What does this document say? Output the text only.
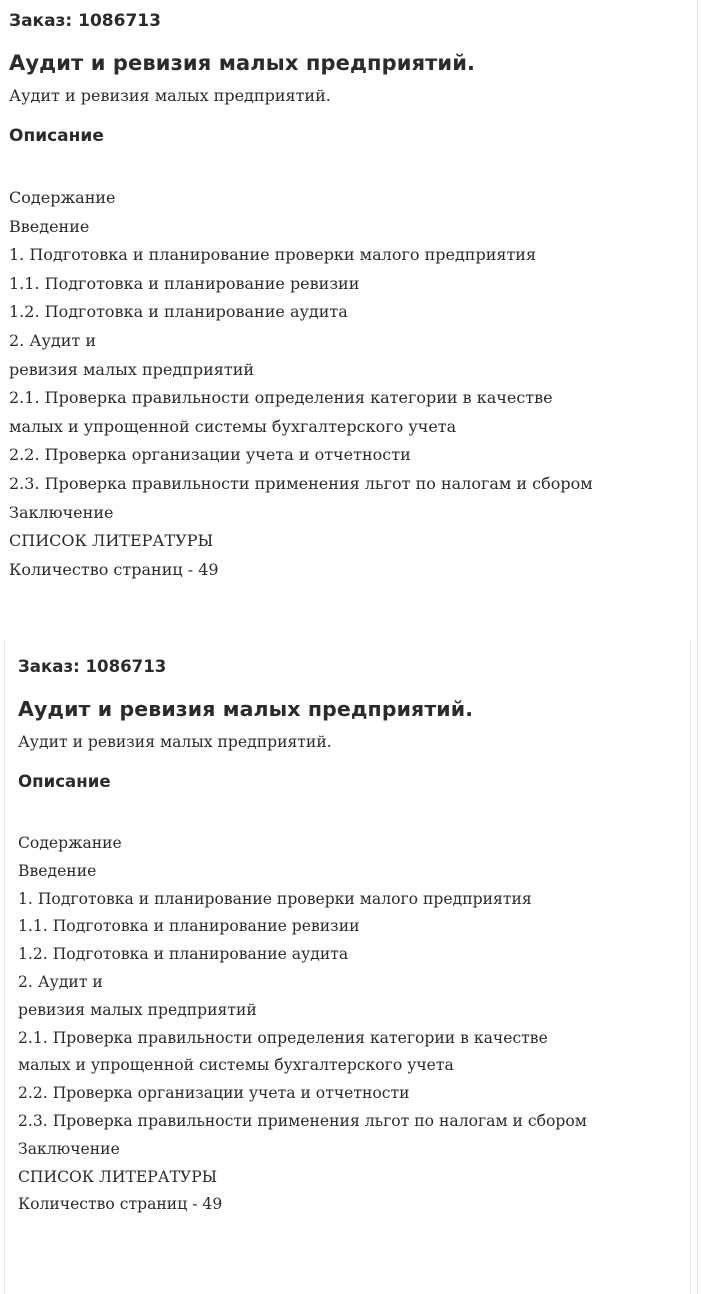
Заказ: 1086713
Аудит и ревизия малых предприятий.
Аудит и ревизия малых предприятий.
Описание
Содержание
Введение
1. Подготовка и планирование проверки малого предприятия
1.1. Подготовка и планирование ревизии
1.2. Подготовка и планирование аудита
2. Аудит и
ревизия малых предприятий
2.1. Проверка правильности определения категории в качестве
малых и упрощенной системы бухгалтерского учета
2.2. Проверка организации учета и отчетности
2.3. Проверка правильности применения льгот по налогам и сбором
Заключение
СПИСОК ЛИТЕРАТУРЫ
Количество страниц - 49
Заказ: 1086713
Аудит и ревизия малых предприятий.
Аудит и ревизия малых предприятий.
Описание
Содержание
Введение
1. Подготовка и планирование проверки малого предприятия
1.1. Подготовка и планирование ревизии
1.2. Подготовка и планирование аудита
2. Аудит и
ревизия малых предприятий
2.1. Проверка правильности определения категории в качестве
малых и упрощенной системы бухгалтерского учета
2.2. Проверка организации учета и отчетности
2.3. Проверка правильности применения льгот по налогам и сбором
Заключение
СПИСОК ЛИТЕРАТУРЫ
Количество страниц - 49
